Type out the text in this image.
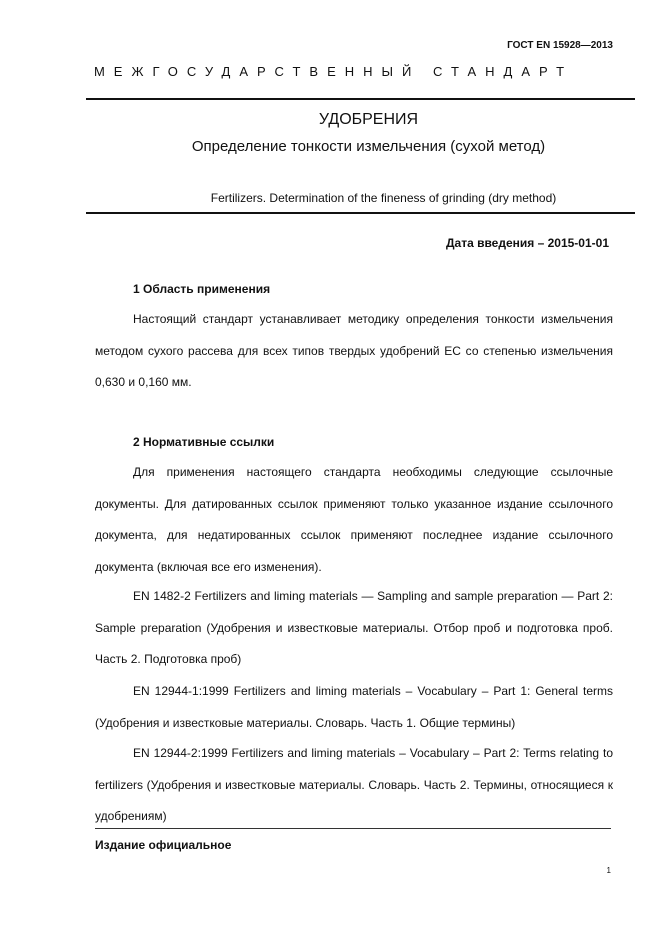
ГОСТ EN 15928—2013
МЕЖГОСУДАРСТВЕННЫЙ СТАНДАРТ
УДОБРЕНИЯ
Определение тонкости измельчения (сухой метод)
Fertilizers. Determination of the fineness of grinding (dry method)
Дата введения – 2015-01-01
1 Область применения

Настоящий стандарт устанавливает методику определения тонкости измельчения методом сухого рассева для всех типов твердых удобрений ЕС со степенью измельчения 0,630 и 0,160 мм.

2 Нормативные ссылки

Для применения настоящего стандарта необходимы следующие ссылочные документы. Для датированных ссылок применяют только указанное издание ссылочного документа, для недатированных ссылок применяют последнее издание ссылочного документа (включая все его изменения).

EN 1482-2 Fertilizers and liming materials — Sampling and sample preparation — Part 2: Sample preparation (Удобрения и известковые материалы. Отбор проб и подготовка проб. Часть 2. Подготовка проб)

EN 12944-1:1999 Fertilizers and liming materials – Vocabulary – Part 1: General terms (Удобрения и известковые материалы. Словарь. Часть 1. Общие термины)

EN 12944-2:1999 Fertilizers and liming materials – Vocabulary – Part 2: Terms relating to fertilizers (Удобрения и известковые материалы. Словарь. Часть 2. Термины, относящиеся к удобрениям)

Издание официальное
1
